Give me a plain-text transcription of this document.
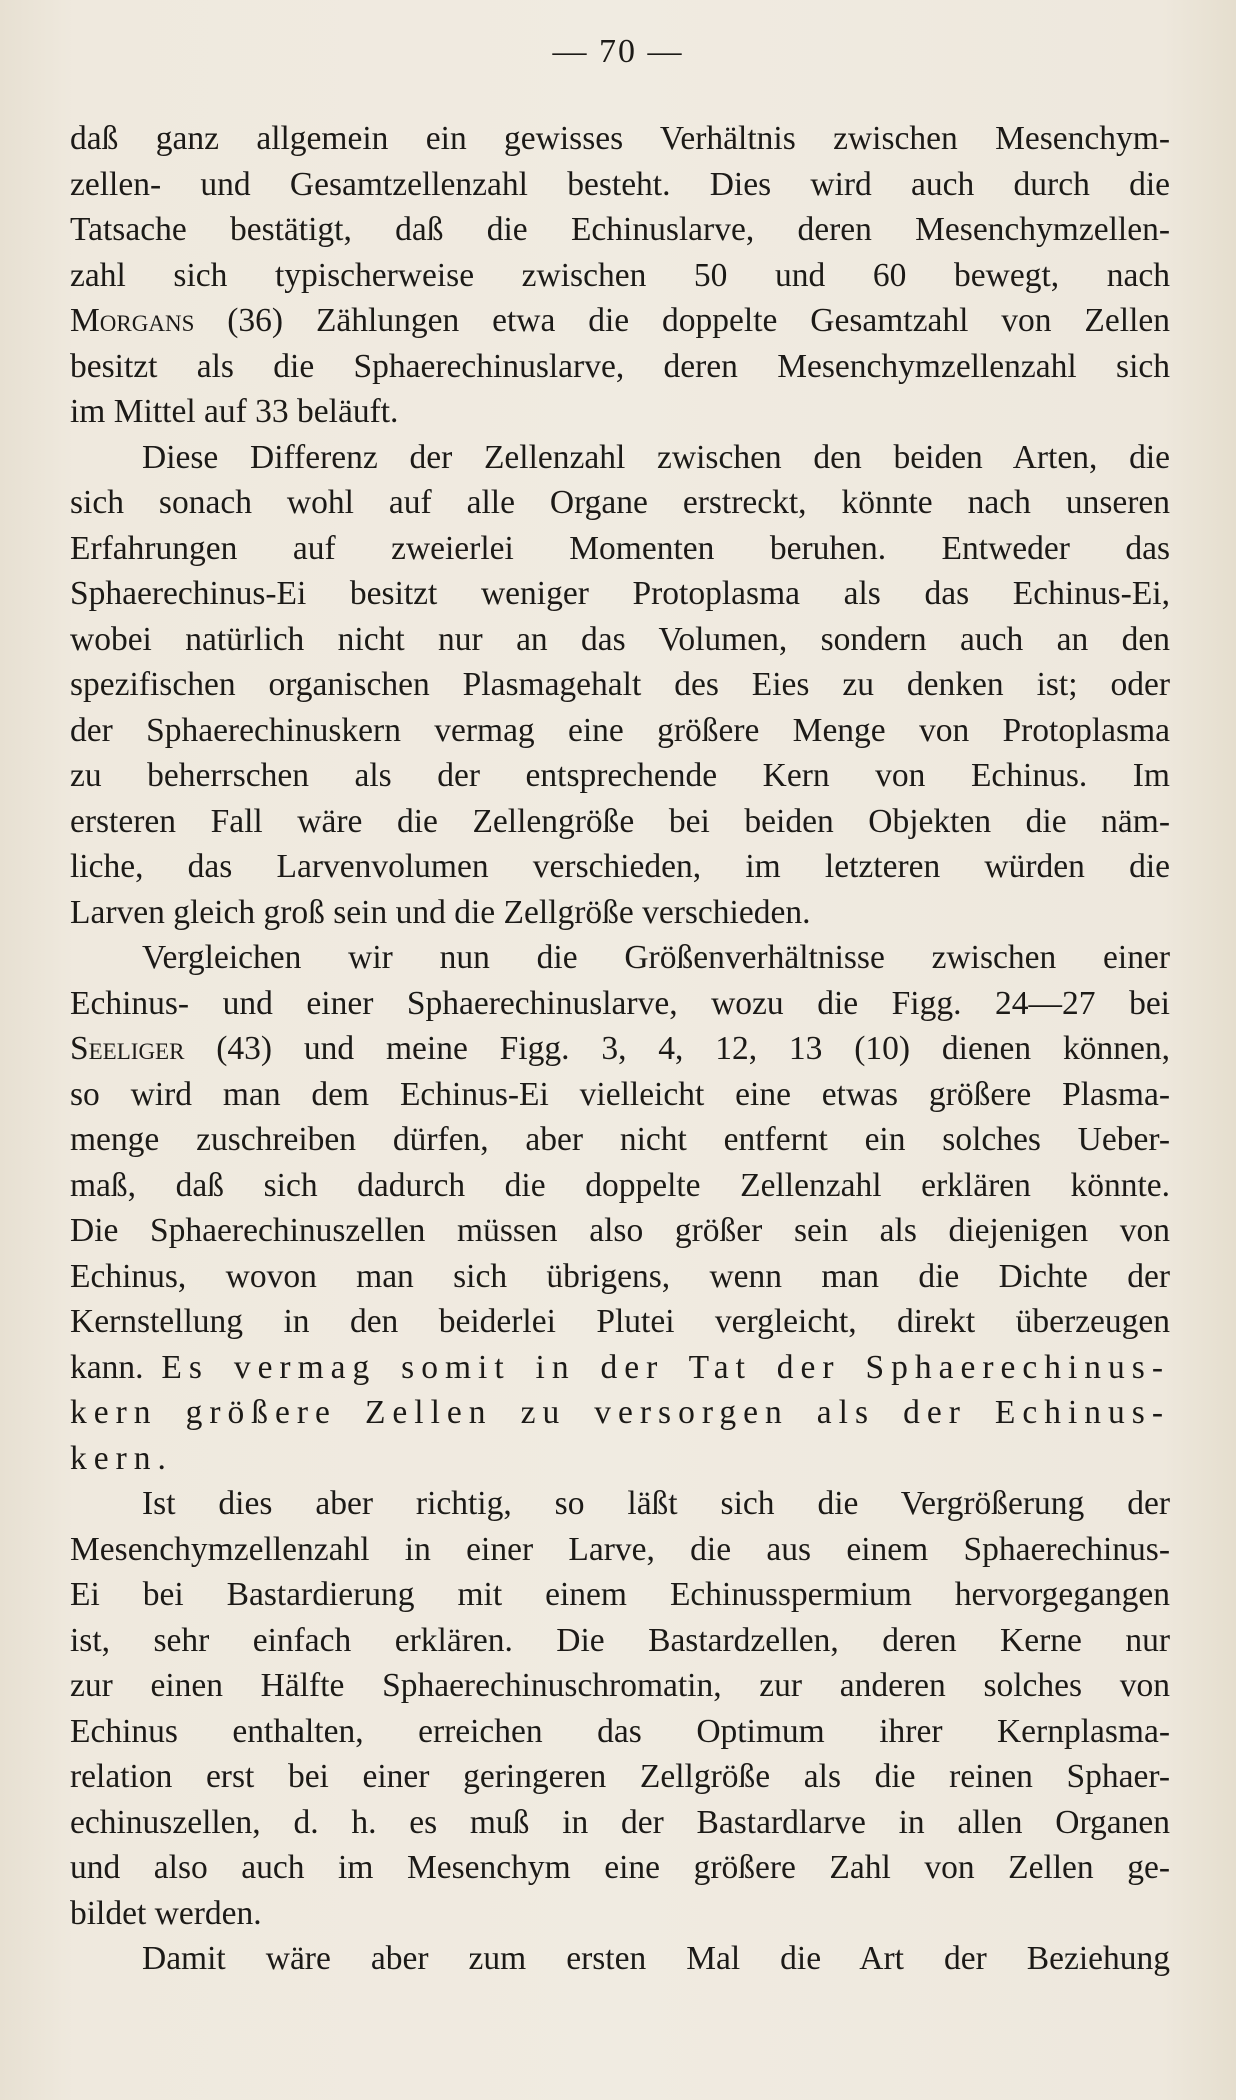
— 70 —
daß ganz allgemein ein gewisses Verhältnis zwischen Mesenchym-
zellen- und Gesamtzellenzahl besteht. Dies wird auch durch die
Tatsache bestätigt, daß die Echinuslarve, deren Mesenchymzellen-
zahl sich typischerweise zwischen 50 und 60 bewegt, nach
Morgans (36) Zählungen etwa die doppelte Gesamtzahl von Zellen
besitzt als die Sphaerechinuslarve, deren Mesenchymzellenzahl sich
im Mittel auf 33 beläuft.
Diese Differenz der Zellenzahl zwischen den beiden Arten, die
sich sonach wohl auf alle Organe erstreckt, könnte nach unseren
Erfahrungen auf zweierlei Momenten beruhen. Entweder das
Sphaerechinus-Ei besitzt weniger Protoplasma als das Echinus-Ei,
wobei natürlich nicht nur an das Volumen, sondern auch an den
spezifischen organischen Plasmagehalt des Eies zu denken ist; oder
der Sphaerechinuskern vermag eine größere Menge von Protoplasma
zu beherrschen als der entsprechende Kern von Echinus. Im
ersteren Fall wäre die Zellengröße bei beiden Objekten die näm-
liche, das Larvenvolumen verschieden, im letzteren würden die
Larven gleich groß sein und die Zellgröße verschieden.
Vergleichen wir nun die Größenverhältnisse zwischen einer
Echinus- und einer Sphaerechinuslarve, wozu die Figg. 24—27 bei
Seeliger (43) und meine Figg. 3, 4, 12, 13 (10) dienen können,
so wird man dem Echinus-Ei vielleicht eine etwas größere Plasma-
menge zuschreiben dürfen, aber nicht entfernt ein solches Ueber-
maß, daß sich dadurch die doppelte Zellenzahl erklären könnte.
Die Sphaerechinuszellen müssen also größer sein als diejenigen von
Echinus, wovon man sich übrigens, wenn man die Dichte der
Kernstellung in den beiderlei Plutei vergleicht, direkt überzeugen
kann. Es vermag somit in der Tat der Sphaerechinus-
kern größere Zellen zu versorgen als der Echinus-
kern.
Ist dies aber richtig, so läßt sich die Vergrößerung der
Mesenchymzellenzahl in einer Larve, die aus einem Sphaerechinus-
Ei bei Bastardierung mit einem Echinusspermium hervorgegangen
ist, sehr einfach erklären. Die Bastardzellen, deren Kerne nur
zur einen Hälfte Sphaerechinuschromatin, zur anderen solches von
Echinus enthalten, erreichen das Optimum ihrer Kernplasma-
relation erst bei einer geringeren Zellgröße als die reinen Sphaer-
echinuszellen, d. h. es muß in der Bastardlarve in allen Organen
und also auch im Mesenchym eine größere Zahl von Zellen ge-
bildet werden.
Damit wäre aber zum ersten Mal die Art der Beziehung
